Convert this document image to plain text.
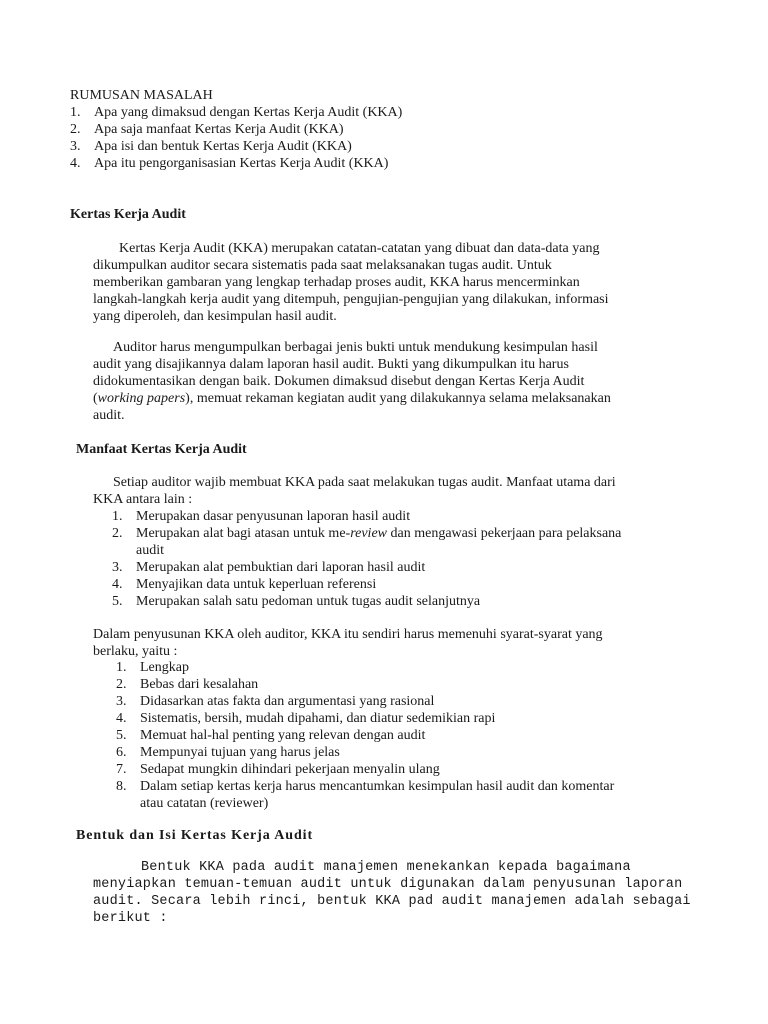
RUMUSAN MASALAH
1. Apa yang dimaksud dengan Kertas Kerja Audit (KKA)
2. Apa saja manfaat Kertas Kerja Audit (KKA)
3. Apa isi dan bentuk Kertas Kerja Audit (KKA)
4. Apa itu pengorganisasian Kertas Kerja Audit (KKA)
Kertas Kerja Audit
Kertas Kerja Audit (KKA) merupakan catatan-catatan yang dibuat dan data-data yang
dikumpulkan auditor secara sistematis pada saat melaksanakan tugas audit. Untuk
memberikan gambaran yang lengkap terhadap proses audit, KKA harus mencerminkan
langkah-langkah kerja audit yang ditempuh, pengujian-pengujian yang dilakukan, informasi
yang diperoleh, dan kesimpulan hasil audit.
Auditor harus mengumpulkan berbagai jenis bukti untuk mendukung kesimpulan hasil
audit yang disajikannya dalam laporan hasil audit. Bukti yang dikumpulkan itu harus
didokumentasikan dengan baik. Dokumen dimaksud disebut dengan Kertas Kerja Audit
(working papers), memuat rekaman kegiatan audit yang dilakukannya selama melaksanakan
audit.
Manfaat Kertas Kerja Audit
Setiap auditor wajib membuat KKA pada saat melakukan tugas audit. Manfaat utama dari
KKA antara lain :
1. Merupakan dasar penyusunan laporan hasil audit
2. Merupakan alat bagi atasan untuk me-review dan mengawasi pekerjaan para pelaksana
audit
3. Merupakan alat pembuktian dari laporan hasil audit
4. Menyajikan data untuk keperluan referensi
5. Merupakan salah satu pedoman untuk tugas audit selanjutnya
Dalam penyusunan KKA oleh auditor, KKA itu sendiri harus memenuhi syarat-syarat yang
berlaku, yaitu :
1. Lengkap
2. Bebas dari kesalahan
3. Didasarkan atas fakta dan argumentasi yang rasional
4. Sistematis, bersih, mudah dipahami, dan diatur sedemikian rapi
5. Memuat hal-hal penting yang relevan dengan audit
6. Mempunyai tujuan yang harus jelas
7. Sedapat mungkin dihindari pekerjaan menyalin ulang
8. Dalam setiap kertas kerja harus mencantumkan kesimpulan hasil audit dan komentar
atau catatan (reviewer)
Bentuk dan Isi Kertas Kerja Audit
Bentuk KKA pada audit manajemen menekankan kepada bagaimana
menyiapkan temuan-temuan audit untuk digunakan dalam penyusunan laporan
audit. Secara lebih rinci, bentuk KKA pad audit manajemen adalah sebagai
berikut :
